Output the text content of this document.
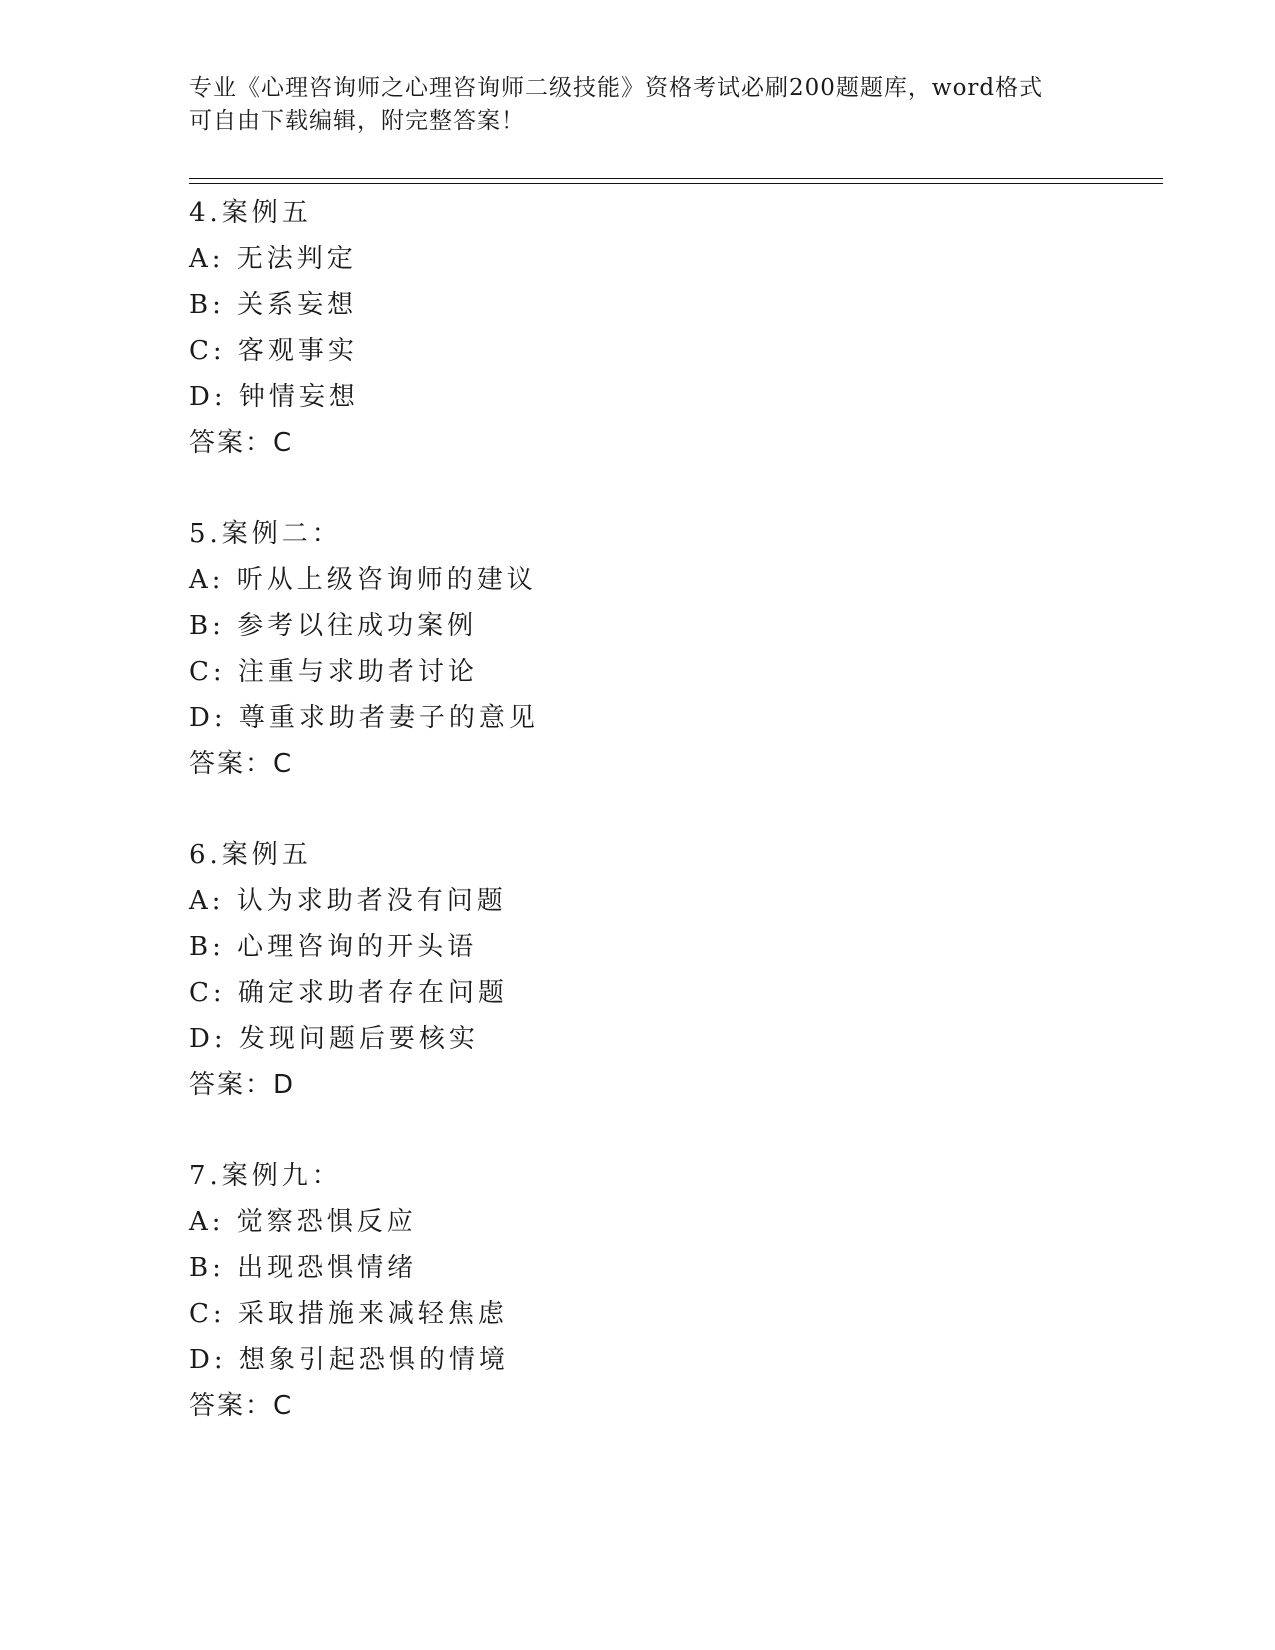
专业《心理咨询师之心理咨询师二级技能》资格考试必刷200题题库，word格式
可自由下载编辑，附完整答案！
4.案例五
A: 无法判定
B: 关系妄想
C: 客观事实
D: 钟情妄想
答案：C
5.案例二：
A: 听从上级咨询师的建议
B: 参考以往成功案例
C: 注重与求助者讨论
D: 尊重求助者妻子的意见
答案：C
6.案例五
A: 认为求助者没有问题
B: 心理咨询的开头语
C: 确定求助者存在问题
D: 发现问题后要核实
答案：D
7.案例九：
A: 觉察恐惧反应
B: 出现恐惧情绪
C: 采取措施来减轻焦虑
D: 想象引起恐惧的情境
答案：C
